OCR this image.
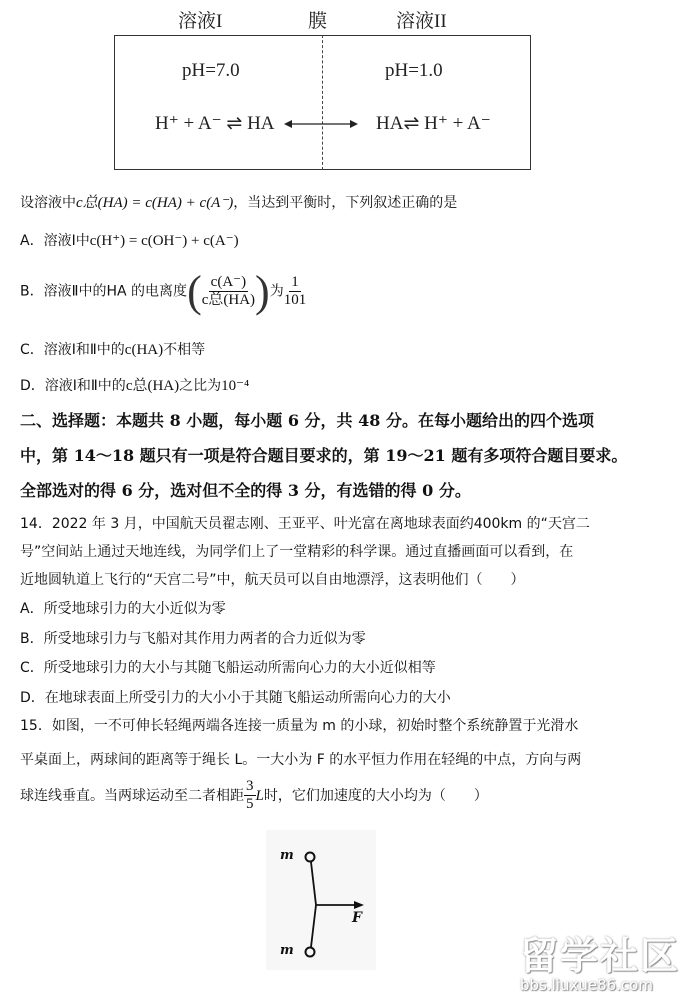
溶液I	膜	溶液II
pH=7.0	pH=1.0
H⁺ + A⁻ ⇌ HA	HA⇌ H⁺ + A⁻
设溶液中c总(HA) = c(HA) + c(A⁻)，当达到平衡时，下列叙述正确的是
A．溶液Ⅰ中c(H⁺) = c(OH⁻) + c(A⁻)
B．溶液Ⅱ中的HA 的电离度( $\frac{c(A^-)}{\text{c总(HA)}}$ )为 $\frac{1}{101}$
C．溶液Ⅰ和Ⅱ中的c(HA)不相等
D．溶液Ⅰ和Ⅱ中的c总(HA)之比为10⁻⁴
二、选择题：本题共 8 小题，每小题 6 分，共 48 分。在每小题给出的四个选项
中，第 14～18 题只有一项是符合题目要求的，第 19～21 题有多项符合题目要求。
全部选对的得 6 分，选对但不全的得 3 分，有选错的得 0 分。
14．2022 年 3 月，中国航天员翟志刚、王亚平、叶光富在离地球表面约400km 的“天宫二
号”空间站上通过天地连线，为同学们上了一堂精彩的科学课。通过直播画面可以看到，在
近地圆轨道上飞行的“天宫二号”中，航天员可以自由地漂浮，这表明他们（　　）
A．所受地球引力的大小近似为零
B．所受地球引力与飞船对其作用力两者的合力近似为零
C．所受地球引力的大小与其随飞船运动所需向心力的大小近似相等
D．在地球表面上所受引力的大小小于其随飞船运动所需向心力的大小
15．如图，一不可伸长轻绳两端各连接一质量为 m 的小球，初始时整个系统静置于光滑水
平桌面上，两球间的距离等于绳长 L。一大小为 F 的水平恒力作用在轻绳的中点，方向与两
球连线垂直。当两球运动至二者相距 $\frac{3}{5}$ L时，它们加速度的大小均为（　　）
m
m
F
留学社区
bbs.liuxue86.com
